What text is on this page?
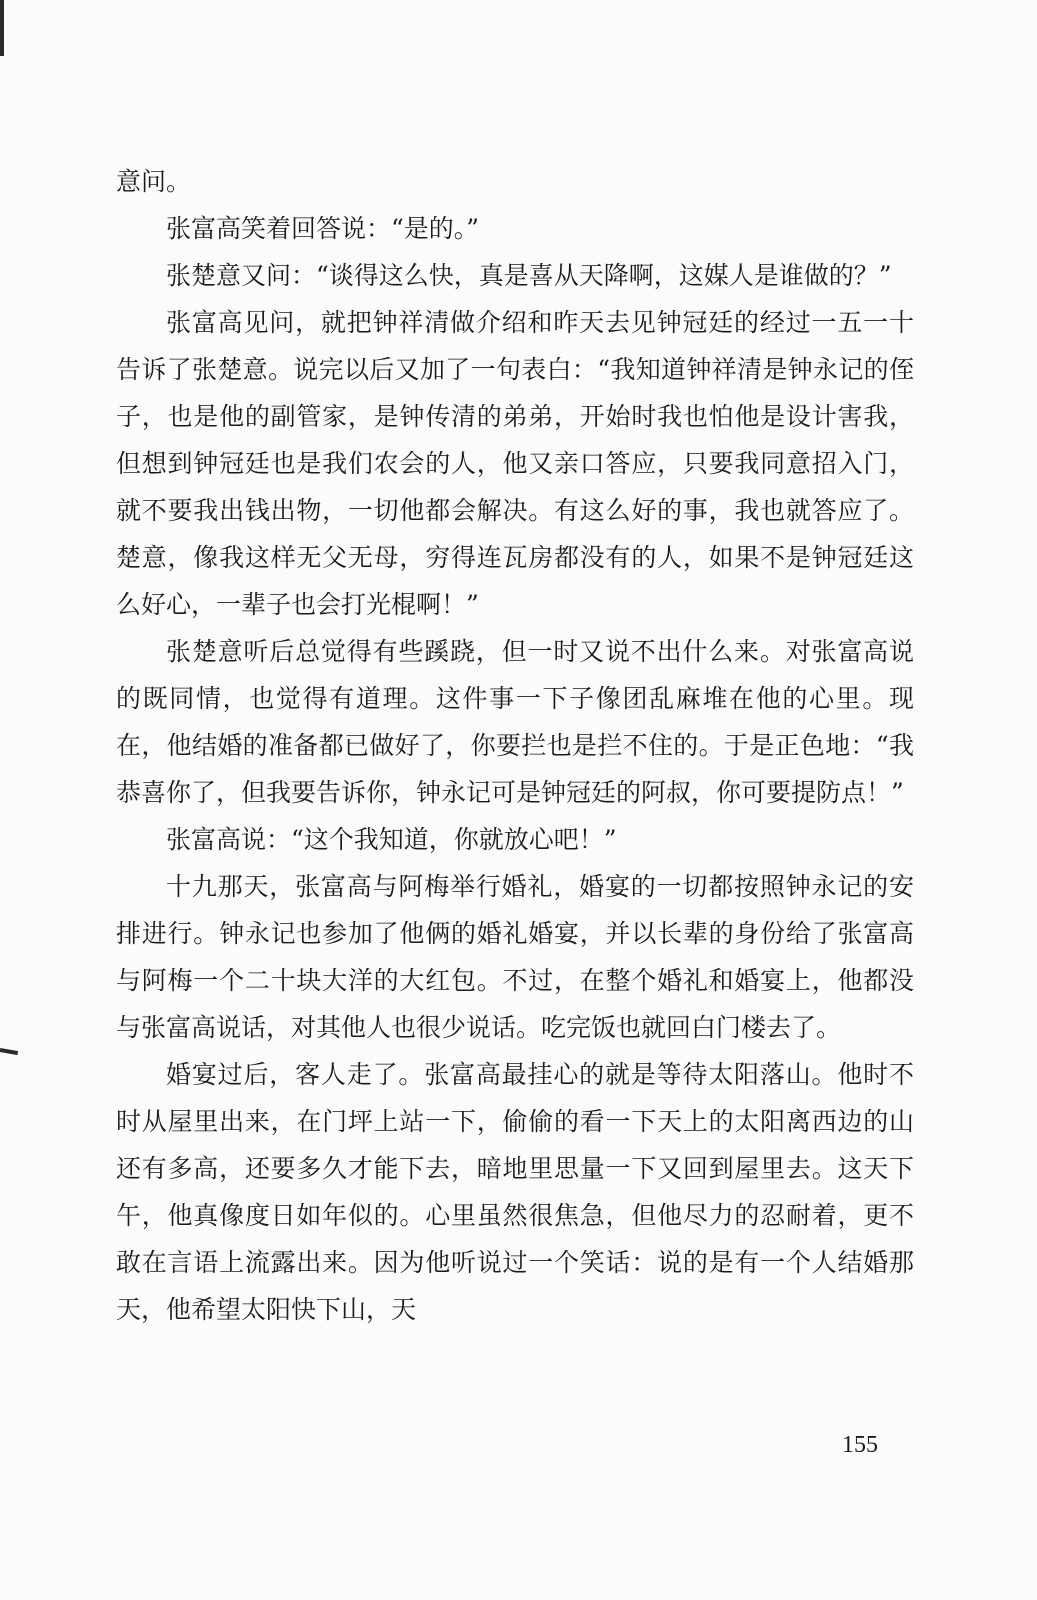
意问。

张富高笑着回答说：“是的。”

张楚意又问：“谈得这么快，真是喜从天降啊，这媒人是谁做的？”

张富高见问，就把钟祥清做介绍和昨天去见钟冠廷的经过一五一十告诉了张楚意。说完以后又加了一句表白：“我知道钟祥清是钟永记的侄子，也是他的副管家，是钟传清的弟弟，开始时我也怕他是设计害我，但想到钟冠廷也是我们农会的人，他又亲口答应，只要我同意招入门，就不要我出钱出物，一切他都会解决。有这么好的事，我也就答应了。楚意，像我这样无父无母，穷得连瓦房都没有的人，如果不是钟冠廷这么好心，一辈子也会打光棍啊！”

张楚意听后总觉得有些蹊跷，但一时又说不出什么来。对张富高说的既同情，也觉得有道理。这件事一下子像团乱麻堆在他的心里。现在，他结婚的准备都已做好了，你要拦也是拦不住的。于是正色地：“我恭喜你了，但我要告诉你，钟永记可是钟冠廷的阿叔，你可要提防点！”

张富高说：“这个我知道，你就放心吧！”

十九那天，张富高与阿梅举行婚礼，婚宴的一切都按照钟永记的安排进行。钟永记也参加了他俩的婚礼婚宴，并以长辈的身份给了张富高与阿梅一个二十块大洋的大红包。不过，在整个婚礼和婚宴上，他都没与张富高说话，对其他人也很少说话。吃完饭也就回白门楼去了。

婚宴过后，客人走了。张富高最挂心的就是等待太阳落山。他时不时从屋里出来，在门坪上站一下，偷偷的看一下天上的太阳离西边的山还有多高，还要多久才能下去，暗地里思量一下又回到屋里去。这天下午，他真像度日如年似的。心里虽然很焦急，但他尽力的忍耐着，更不敢在言语上流露出来。因为他听说过一个笑话：说的是有一个人结婚那天，他希望太阳快下山，天

155
